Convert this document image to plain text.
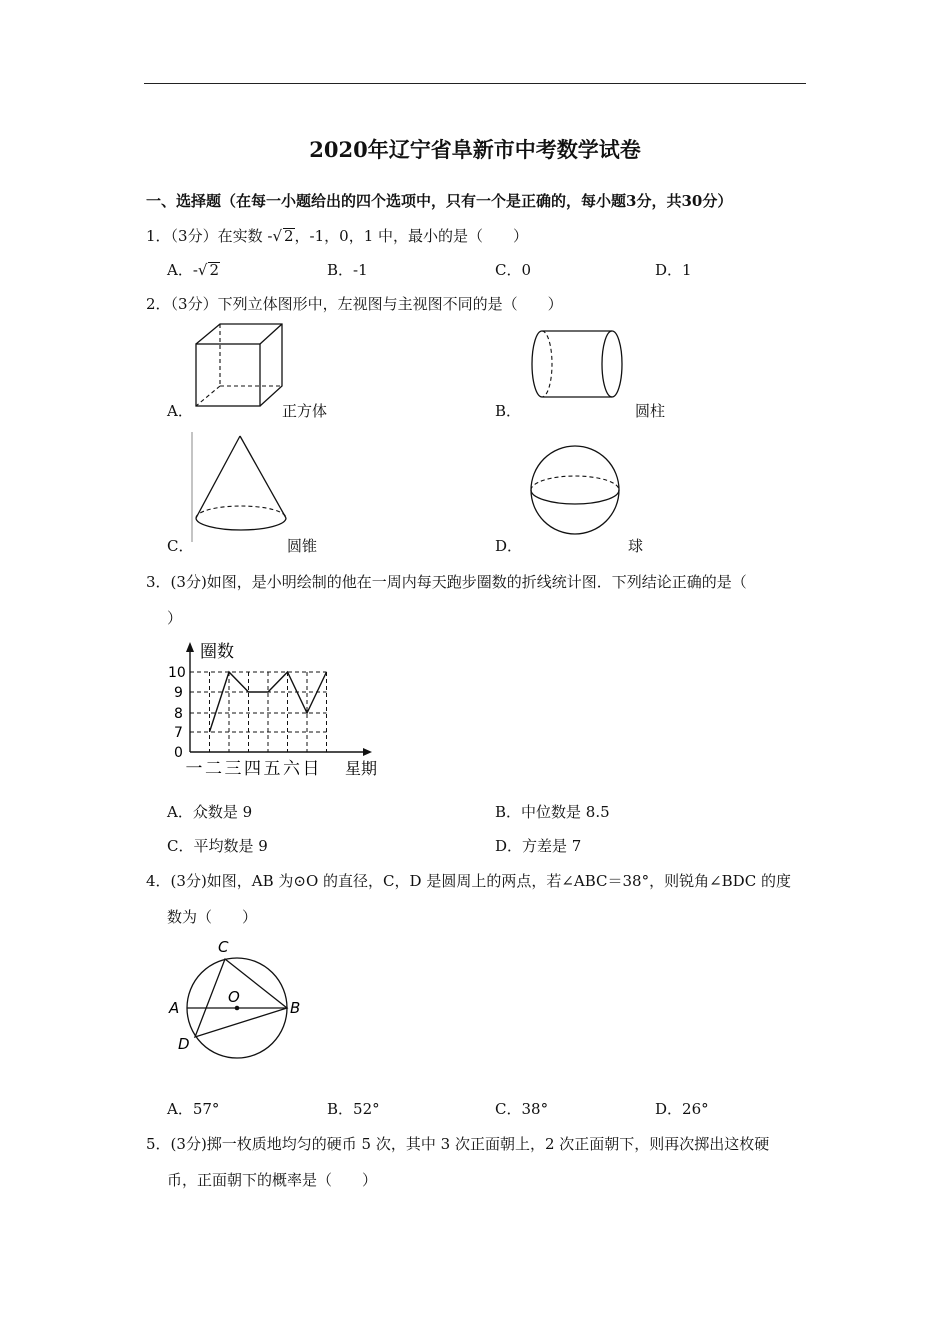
2020年辽宁省阜新市中考数学试卷
一、选择题（在每一小题给出的四个选项中，只有一个是正确的，每小题3分，共30分）
1．（3分）在实数 -√ 2，-1，0，1 中，最小的是（　　）
A．-√ 2	B．-1	C．0	D．1
2．（3分）下列立体图形中，左视图与主视图不同的是（　　）
A．	正方体	B．	圆柱
C．	圆锥	D．	球
3．(3分)如图，是小明绘制的他在一周内每天跑步圈数的折线统计图．下列结论正确的是（
）
圈数
星期
0
7
8
9
10
一 二 三 四 五 六 日
A．众数是 9	B．中位数是 8.5
C．平均数是 9	D．方差是 7
4．(3分)如图，AB 为⊙O 的直径，C，D 是圆周上的两点，若∠ABC＝38°，则锐角∠BDC 的度
数为（　　）
C
O
A	B
D
A．57°	B．52°	C．38°	D．26°
5．(3分)掷一枚质地均匀的硬币 5 次，其中 3 次正面朝上，2 次正面朝下，则再次掷出这枚硬
币，正面朝下的概率是（　　）
